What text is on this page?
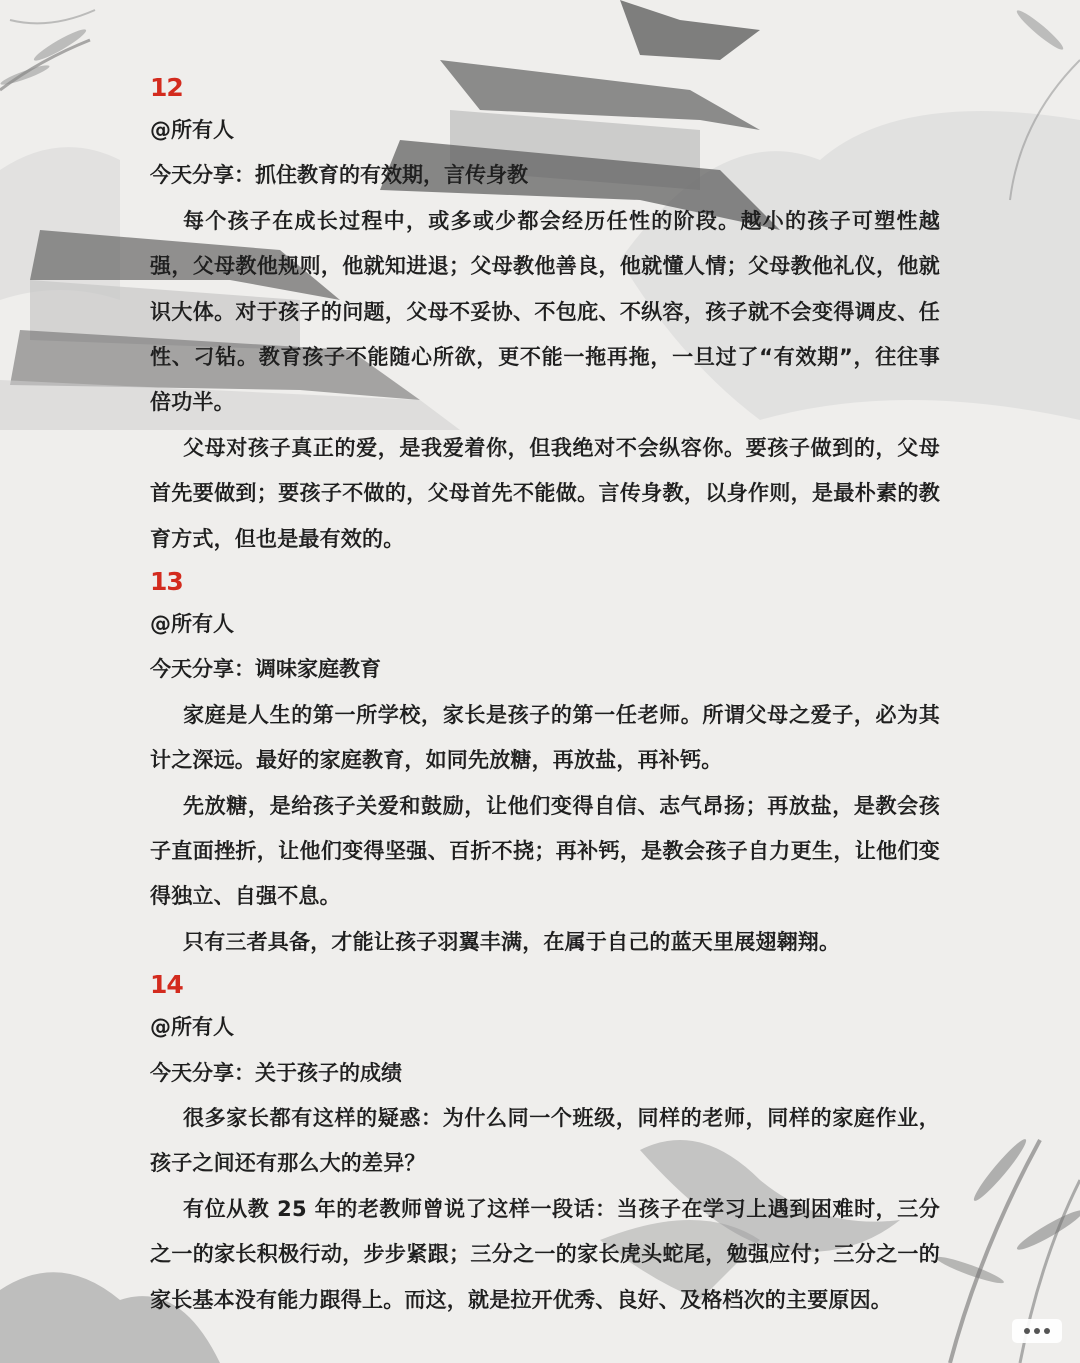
12
@所有人
今天分享：抓住教育的有效期，言传身教
每个孩子在成长过程中，或多或少都会经历任性的阶段。越小的孩子可塑性越强，父母教他规则，他就知进退；父母教他善良，他就懂人情；父母教他礼仪，他就识大体。对于孩子的问题，父母不妥协、不包庇、不纵容，孩子就不会变得调皮、任性、刁钻。教育孩子不能随心所欲，更不能一拖再拖，一旦过了“有效期”，往往事倍功半。
父母对孩子真正的爱，是我爱着你，但我绝对不会纵容你。要孩子做到的，父母首先要做到；要孩子不做的，父母首先不能做。言传身教，以身作则，是最朴素的教育方式，但也是最有效的。
13
@所有人
今天分享：调味家庭教育
家庭是人生的第一所学校，家长是孩子的第一任老师。所谓父母之爱子，必为其计之深远。最好的家庭教育，如同先放糖，再放盐，再补钙。
先放糖，是给孩子关爱和鼓励，让他们变得自信、志气昂扬；再放盐，是教会孩子直面挫折，让他们变得坚强、百折不挠；再补钙，是教会孩子自力更生，让他们变得独立、自强不息。
只有三者具备，才能让孩子羽翼丰满，在属于自己的蓝天里展翅翱翔。
14
@所有人
今天分享：关于孩子的成绩
很多家长都有这样的疑惑：为什么同一个班级，同样的老师，同样的家庭作业，孩子之间还有那么大的差异？
有位从教 25 年的老教师曾说了这样一段话：当孩子在学习上遇到困难时，三分之一的家长积极行动，步步紧跟；三分之一的家长虎头蛇尾，勉强应付；三分之一的家长基本没有能力跟得上。而这，就是拉开优秀、良好、及格档次的主要原因。
